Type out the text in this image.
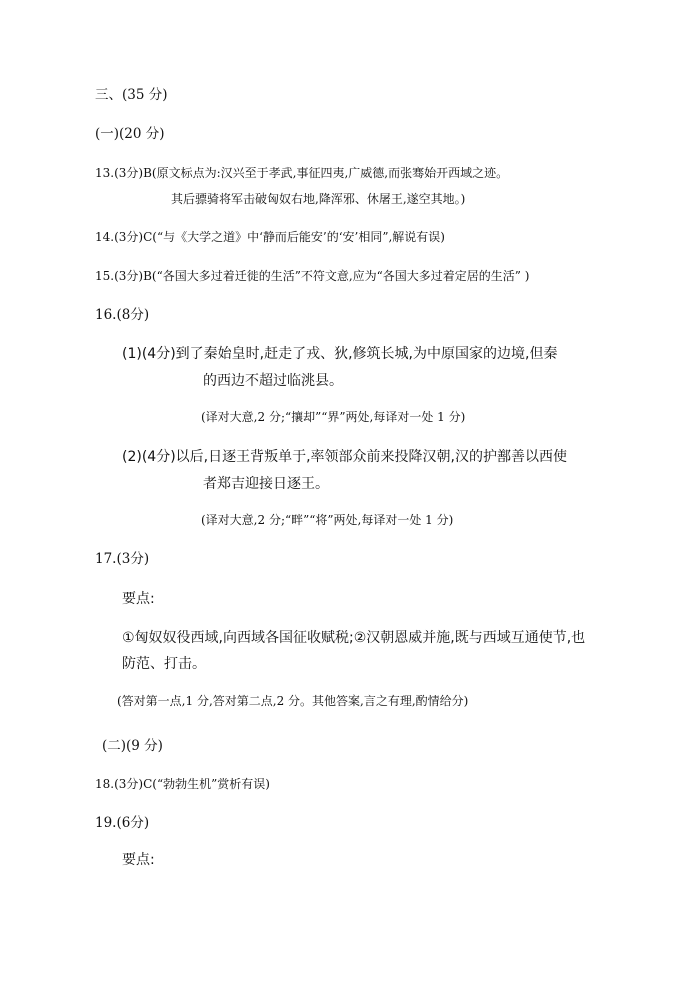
三、(35 分)
(一)(20 分)
13.(3分)B(原文标点为:汉兴至于孝武,事征四夷,广威德,而张骞始开西域之迹。
其后骠骑将军击破匈奴右地,降浑邪、休屠王,遂空其地。)
14.(3分)C(“与《大学之道》中‘静而后能安’的‘安’相同”,解说有误)
15.(3分)B(“各国大多过着迁徙的生活”不符文意,应为“各国大多过着定居的生活” )
16.(8分)
(1)(4分)到了秦始皇时,赶走了戎、狄,修筑长城,为中原国家的边境,但秦
的西边不超过临洮县。
(译对大意,2 分;“攘却”“界”两处,每译对一处 1 分)
(2)(4分)以后,日逐王背叛单于,率领部众前来投降汉朝,汉的护鄯善以西使
者郑吉迎接日逐王。
(译对大意,2 分;“畔”“将”两处,每译对一处 1 分)
17.(3分)
要点:
①匈奴奴役西域,向西域各国征收赋税;②汉朝恩威并施,既与西域互通使节,也
防范、打击。
(答对第一点,1 分,答对第二点,2 分。其他答案,言之有理,酌情给分)
(二)(9 分)
18.(3分)C(“勃勃生机”赏析有误)
19.(6分)
要点:
